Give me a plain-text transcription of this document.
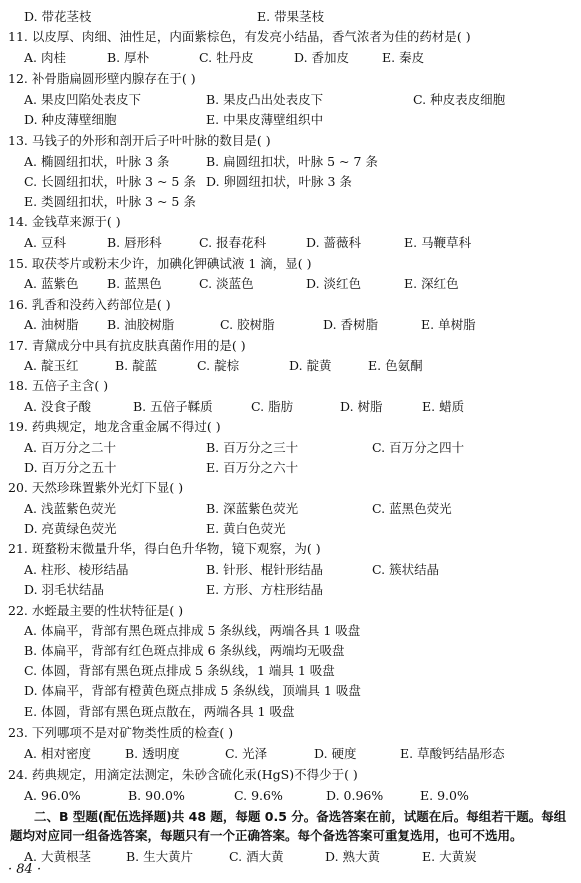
D. 带花茎枝	E. 带果茎枝
11. 以皮厚、肉细、油性足，内面紫棕色，有发亮小结晶，香气浓者为佳的药材是( )
A. 肉桂	B. 厚朴	C. 牡丹皮	D. 香加皮	E. 秦皮
12. 补骨脂扁圆形壁内腺存在于( )
A. 果皮凹陷处表皮下	B. 果皮凸出处表皮下	C. 种皮表皮细胞
D. 种皮薄壁细胞	E. 中果皮薄壁组织中
13. 马钱子的外形和剖开后子叶叶脉的数目是( )
A. 椭圆纽扣状，叶脉 3 条	B. 扁圆纽扣状，叶脉 5 ~ 7 条
C. 长圆纽扣状，叶脉 3 ~ 5 条 D. 卵圆纽扣状，叶脉 3 条
E. 类圆纽扣状，叶脉 3 ~ 5 条
14. 金钱草来源于( )
A. 豆科	B. 唇形科	C. 报春花科	D. 蔷薇科	E. 马鞭草科
15. 取茯苓片或粉末少许，加碘化钾碘试液 1 滴，显( )
A. 蓝紫色 B. 蓝黑色	C. 淡蓝色	D. 淡红色	E. 深红色
16. 乳香和没药入药部位是( )
A. 油树脂 B. 油胶树脂	C. 胶树脂	D. 香树脂	E. 单树脂
17. 青黛成分中具有抗皮肤真菌作用的是( )
A. 靛玉红	B. 靛蓝	C. 靛棕	D. 靛黄	E. 色氨酮
18. 五倍子主含( )
A. 没食子酸	B. 五倍子鞣质	C. 脂肪	D. 树脂	E. 蜡质
19. 药典规定，地龙含重金属不得过( )
A. 百万分之二十	B. 百万分之三十	C. 百万分之四十
D. 百万分之五十	E. 百万分之六十
20. 天然珍珠置紫外光灯下显( )
A. 浅蓝紫色荧光	B. 深蓝紫色荧光	C. 蓝黑色荧光
D. 亮黄绿色荧光	E. 黄白色荧光
21. 斑蝥粉末微量升华，得白色升华物，镜下观察，为( )
A. 柱形、棱形结晶	B. 针形、棍针形结晶	C. 簇状结晶
D. 羽毛状结晶	E. 方形、方柱形结晶
22. 水蛭最主要的性状特征是( )
A. 体扁平，背部有黑色斑点排成 5 条纵线，两端各具 1 吸盘
B. 体扁平，背部有红色斑点排成 6 条纵线，两端均无吸盘
C. 体圆，背部有黑色斑点排成 5 条纵线，1 端具 1 吸盘
D. 体扁平，背部有橙黄色斑点排成 5 条纵线，顶端具 1 吸盘
E. 体圆，背部有黑色斑点散在，两端各具 1 吸盘
23. 下列哪项不是对矿物类性质的检查( )
A. 相对密度	B. 透明度	C. 光泽	D. 硬度	E. 草酸钙结晶形态
24. 药典规定，用滴定法测定，朱砂含硫化汞(HgS)不得少于( )
A. 96.0%	B. 90.0%	C. 9.6%	D. 0.96%	E. 9.0%
二、B 型题(配伍选择题)共 48 题，每题 0.5 分。备选答案在前，试题在后。每组若干题。每组
题均对应同一组备选答案，每题只有一个正确答案。每个备选答案可重复选用，也可不选用。
A. 大黄根茎	B. 生大黄片	C. 酒大黄	D. 熟大黄	E. 大黄炭
· 84 ·
